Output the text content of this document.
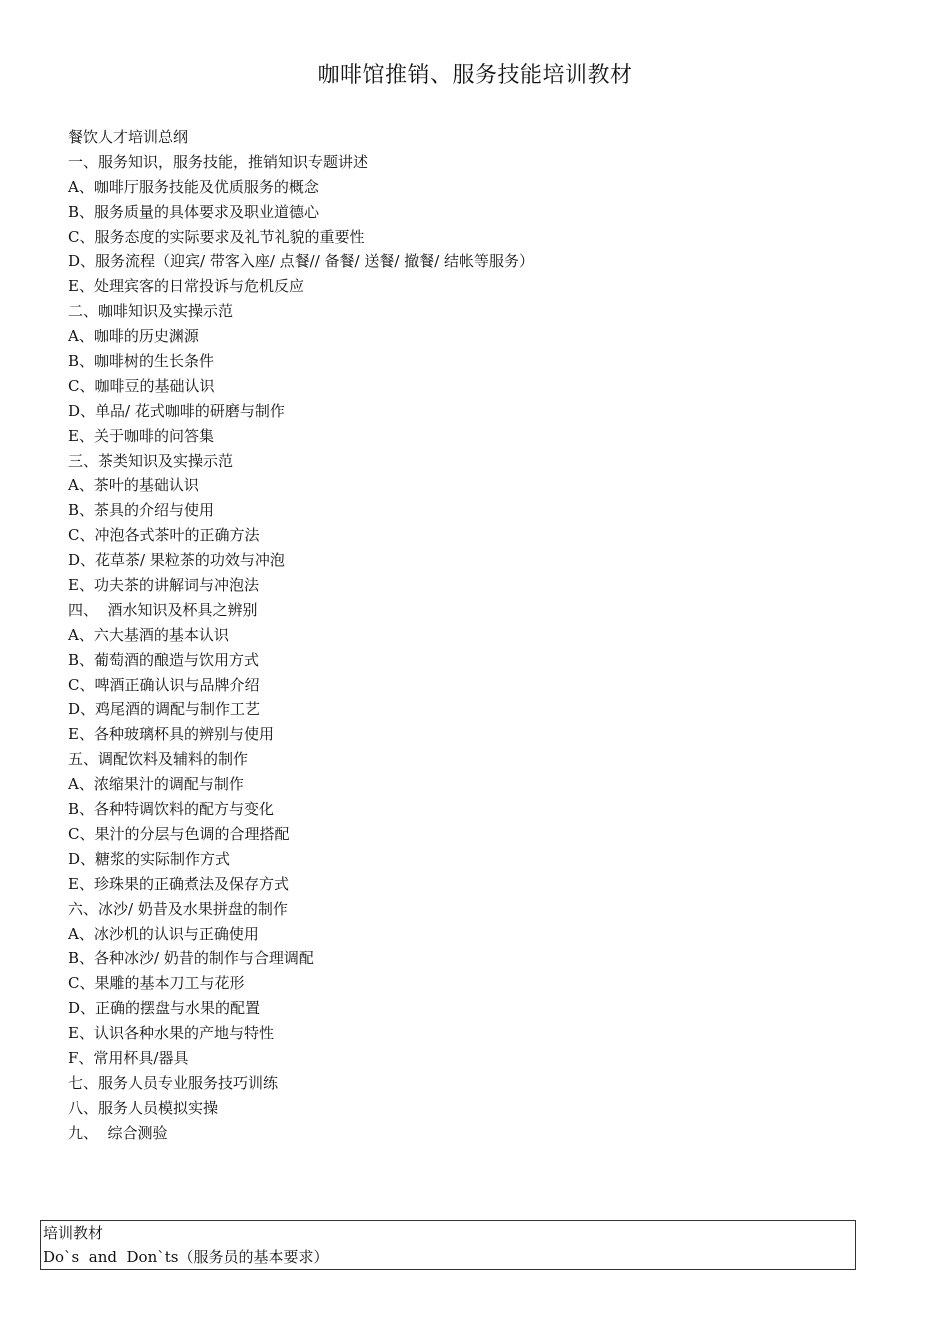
咖啡馆推销、服务技能培训教材
餐饮人才培训总纲
一、服务知识，服务技能，推销知识专题讲述
A、咖啡厅服务技能及优质服务的概念
B、服务质量的具体要求及职业道德心
C、服务态度的实际要求及礼节礼貌的重要性
D、服务流程（迎宾/ 带客入座/ 点餐// 备餐/ 送餐/ 撤餐/ 结帐等服务）
E、处理宾客的日常投诉与危机反应
二、咖啡知识及实操示范
A、咖啡的历史渊源
B、咖啡树的生长条件
C、咖啡豆的基础认识
D、单品/ 花式咖啡的研磨与制作
E、关于咖啡的问答集
三、茶类知识及实操示范
A、茶叶的基础认识
B、茶具的介绍与使用
C、冲泡各式茶叶的正确方法
D、花草茶/ 果粒茶的功效与冲泡
E、功夫茶的讲解词与冲泡法
四、  酒水知识及杯具之辨别
A、六大基酒的基本认识
B、葡萄酒的酿造与饮用方式
C、啤酒正确认识与品牌介绍
D、鸡尾酒的调配与制作工艺
E、各种玻璃杯具的辨别与使用
五、调配饮料及辅料的制作
A、浓缩果汁的调配与制作
B、各种特调饮料的配方与变化
C、果汁的分层与色调的合理搭配
D、糖浆的实际制作方式
E、珍珠果的正确煮法及保存方式
六、冰沙/ 奶昔及水果拼盘的制作
A、冰沙机的认识与正确使用
B、各种冰沙/ 奶昔的制作与合理调配
C、果雕的基本刀工与花形
D、正确的摆盘与水果的配置
E、认识各种水果的产地与特性
F、常用杯具/器具
七、服务人员专业服务技巧训练
八、服务人员模拟实操
九、  综合测验
培训教材
Do`s  and  Don`ts（服务员的基本要求）
